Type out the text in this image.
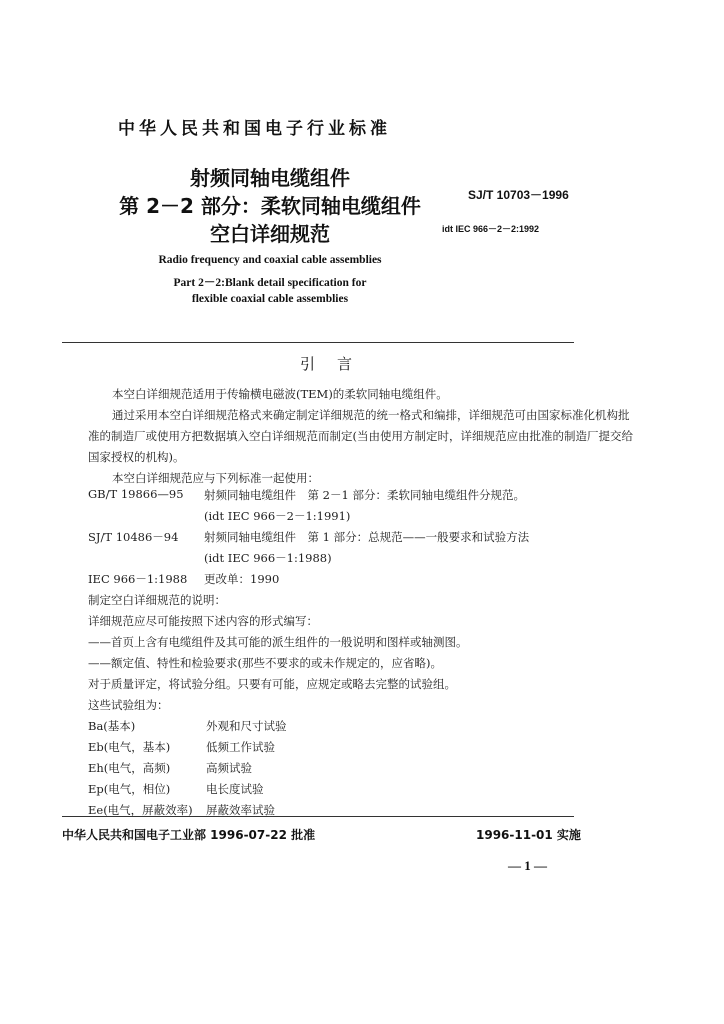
中华人民共和国电子行业标准
射频同轴电缆组件
第 2－2 部分：柔软同轴电缆组件
空白详细规范
SJ/T 10703－1996
idt IEC 966－2－2:1992
Radio frequency and coaxial cable assemblies
Part 2－2:Blank detail specification for
flexible coaxial cable assemblies
引言
本空白详细规范适用于传输横电磁波(TEM)的柔软同轴电缆组件。
通过采用本空白详细规范格式来确定制定详细规范的统一格式和编排，详细规范可由国家标准化机构批准的制造厂或使用方把数据填入空白详细规范而制定(当由使用方制定时，详细规范应由批准的制造厂提交给国家授权的机构)。
本空白详细规范应与下列标准一起使用：
GB/T 19866—95 射频同轴电缆组件　第 2－1 部分：柔软同轴电缆组件分规范。
(idt IEC 966－2－1:1991)
SJ/T 10486－94 射频同轴电缆组件　第 1 部分：总规范——一般要求和试验方法
(idt IEC 966－1:1988)
IEC 966－1:1988 更改单：1990
制定空白详细规范的说明：
详细规范应尽可能按照下述内容的形式编写：
——首页上含有电缆组件及其可能的派生组件的一般说明和图样或轴测图。
——额定值、特性和检验要求(那些不要求的或未作规定的，应省略)。
对于质量评定，将试验分组。只要有可能，应规定或略去完整的试验组。
这些试验组为：
Ba(基本)	外观和尺寸试验
Eb(电气，基本)	低频工作试验
Eh(电气，高频)	高频试验
Ep(电气，相位)	电长度试验
Ee(电气，屏蔽效率) 屏蔽效率试验
中华人民共和国电子工业部 1996-07-22 批准	1996-11-01 实施
— 1 —
